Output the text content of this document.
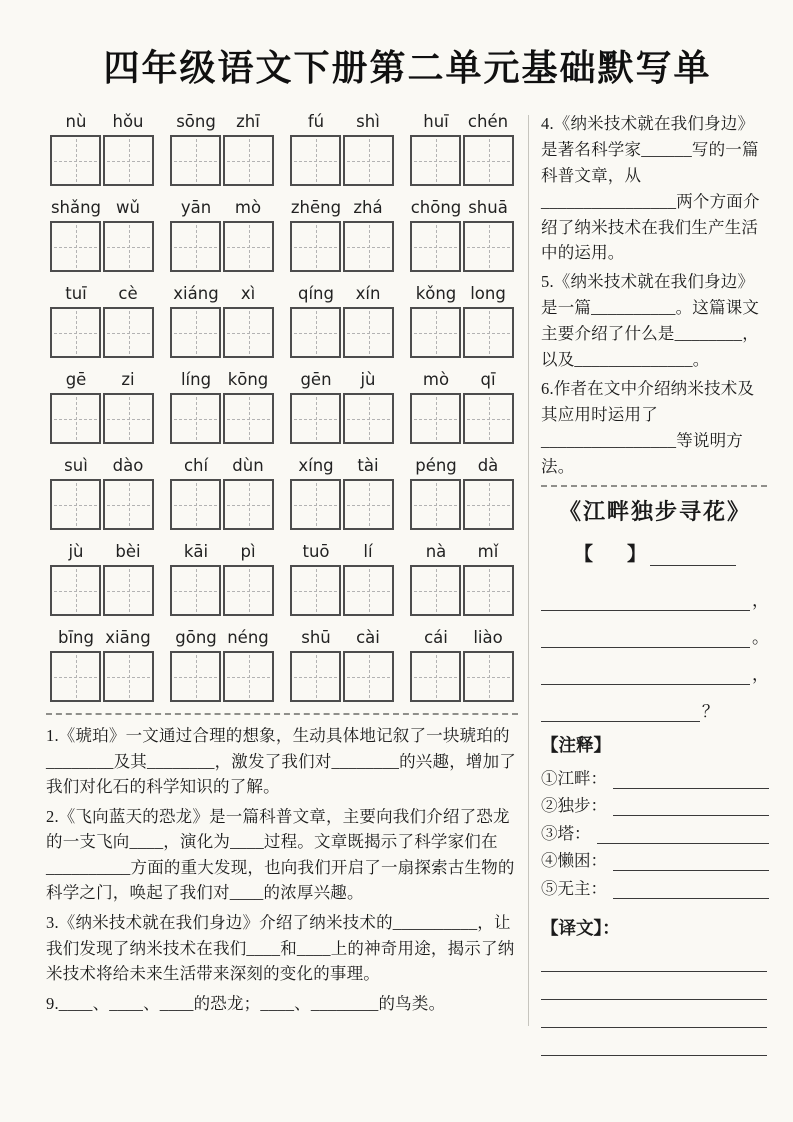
四年级语文下册第二单元基础默写单
nù	hǒu	sōng	zhī	fú	shì	huī	chén
shǎng wǔ	yān	mò	zhēng zhá	chōng shuā
tuī	cè	xiáng	xì	qíng	xín	kǒng long
gē	zi	líng	kōng	gēn	jù	mò	qī
suì	dào	chí	dùn	xíng	tài	péng	dà
jù	bèi	kāi	pì	tuō	lí	nà	mǐ
bīng xiāng	gōng néng	shū	cài	cái	liào

1.《琥珀》一文通过合理的想象，生动具体地记叙了一块琥珀的________及其________，激发了我们对________的兴趣，增加了我们对化石的科学知识的了解。

2.《飞向蓝天的恐龙》是一篇科普文章，主要向我们介绍了恐龙的一支飞向____，演化为____过程。文章既揭示了科学家们在__________方面的重大发现，也向我们开启了一扇探索古生物的科学之门，唤起了我们对____的浓厚兴趣。

3.《纳米技术就在我们身边》介绍了纳米技术的__________，让我们发现了纳米技术在我们____和____上的神奇用途，揭示了纳米技术将给未来生活带来深刻的变化的事理。

9.____、____、____的恐龙；____、________的鸟类。

4.《纳米技术就在我们身边》是著名科学家______写的一篇科普文章，从________________两个方面介绍了纳米技术在我们生产生活中的运用。

5.《纳米技术就在我们身边》是一篇__________。这篇课文主要介绍了什么是________，以及______________。

6.作者在文中介绍纳米技术及其应用时运用了________________等说明方法。

《江畔独步寻花》
【 】
，
。
，
？
【注释】
①江畔：
②独步：
③塔：
④懒困：
⑤无主：
【译文】：
